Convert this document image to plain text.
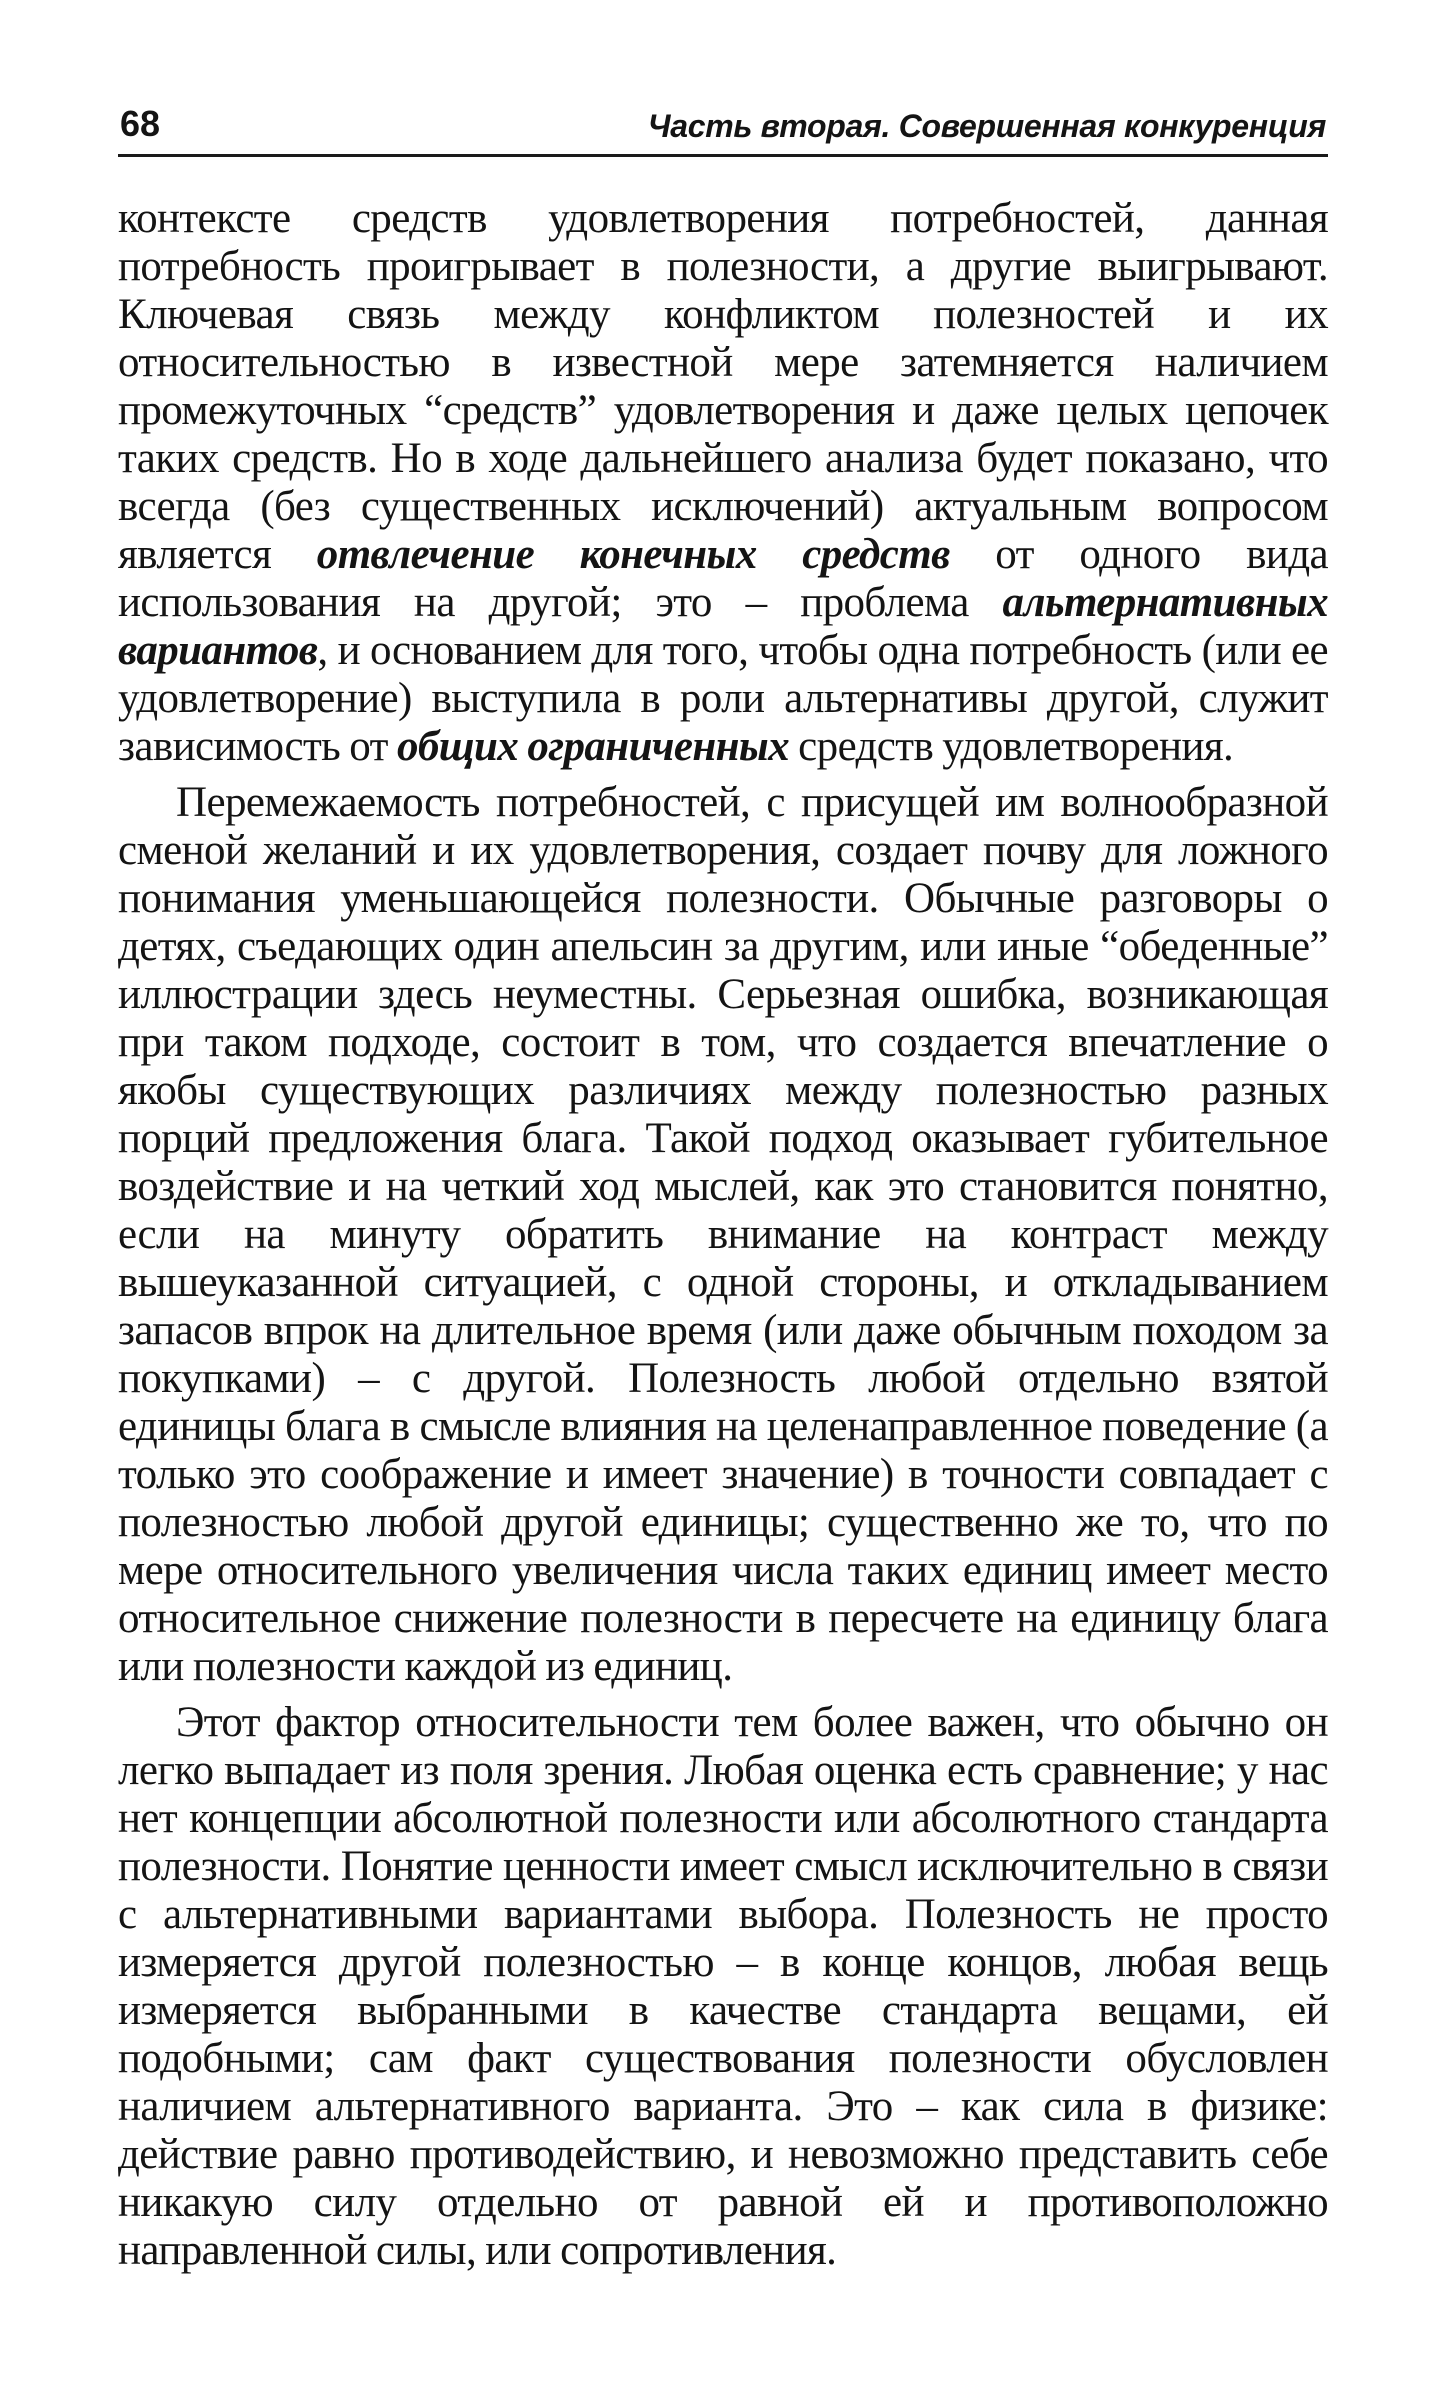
68	Часть вторая. Совершенная конкуренция

контексте средств удовлетворения потребностей, данная потребность проигрывает в полезности, а другие выигрывают. Ключевая связь между конфликтом полезностей и их относительностью в известной мере затемняется наличием промежуточных “средств” удовлетворения и даже целых цепочек таких средств. Но в ходе дальнейшего анализа будет показано, что всегда (без существенных исключений) актуальным вопросом является отвлечение конечных средств от одного вида использования на другой; это – проблема альтернативных вариантов, и основанием для того, чтобы одна потребность (или ее удовлетворение) выступила в роли альтернативы другой, служит зависимость от общих ограниченных средств удовлетворения.

Перемежаемость потребностей, с присущей им волнообразной сменой желаний и их удовлетворения, создает почву для ложного понимания уменьшающейся полезности. Обычные разговоры о детях, съедающих один апельсин за другим, или иные “обеденные” иллюстрации здесь неуместны. Серьезная ошибка, возникающая при таком подходе, состоит в том, что создается впечатление о якобы существующих различиях между полезностью разных порций предложения блага. Такой подход оказывает губительное воздействие и на четкий ход мыслей, как это становится понятно, если на минуту обратить внимание на контраст между вышеуказанной ситуацией, с одной стороны, и откладыванием запасов впрок на длительное время (или даже обычным походом за покупками) – с другой. Полезность любой отдельно взятой единицы блага в смысле влияния на целенаправленное поведение (а только это соображение и имеет значение) в точности совпадает с полезностью любой другой единицы; существенно же то, что по мере относительного увеличения числа таких единиц имеет место относительное снижение полезности в пересчете на единицу блага или полезности каждой из единиц.

Этот фактор относительности тем более важен, что обычно он легко выпадает из поля зрения. Любая оценка есть сравнение; у нас нет концепции абсолютной полезности или абсолютного стандарта полезности. Понятие ценности имеет смысл исключительно в связи с альтернативными вариантами выбора. Полезность не просто измеряется другой полезностью – в конце концов, любая вещь измеряется выбранными в качестве стандарта вещами, ей подобными; сам факт существования полезности обусловлен наличием альтернативного варианта. Это – как сила в физике: действие равно противодействию, и невозможно представить себе никакую силу отдельно от равной ей и противоположно направленной силы, или сопротивления.
